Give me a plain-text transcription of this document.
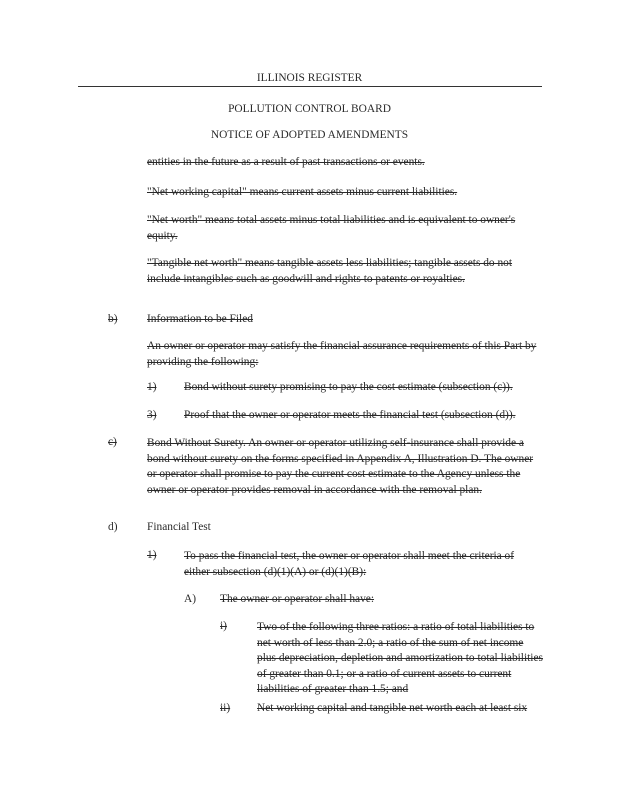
ILLINOIS REGISTER
POLLUTION CONTROL BOARD
NOTICE OF ADOPTED AMENDMENTS
entities in the future as a result of past transactions or events.
"Net working capital" means current assets minus current liabilities.
"Net worth" means total assets minus total liabilities and is equivalent to owner's equity.
"Tangible net worth" means tangible assets less liabilities; tangible assets do not include intangibles such as goodwill and rights to patents or royalties.
b)	Information to be Filed
An owner or operator may satisfy the financial assurance requirements of this Part by providing the following:
1) Bond without surety promising to pay the cost estimate (subsection (c)).
3) Proof that the owner or operator meets the financial test (subsection (d)).
c)	Bond Without Surety. An owner or operator utilizing self-insurance shall provide a bond without surety on the forms specified in Appendix A, Illustration D. The owner or operator shall promise to pay the current cost estimate to the Agency unless the owner or operator provides removal in accordance with the removal plan.
d)	Financial Test
1) To pass the financial test, the owner or operator shall meet the criteria of either subsection (d)(1)(A) or (d)(1)(B):
A) The owner or operator shall have:
i)	Two of the following three ratios: a ratio of total liabilities to net worth of less than 2.0; a ratio of the sum of net income plus depreciation, depletion and amortization to total liabilities of greater than 0.1; or a ratio of current assets to current liabilities of greater than 1.5; and
ii) Net working capital and tangible net worth each at least six
